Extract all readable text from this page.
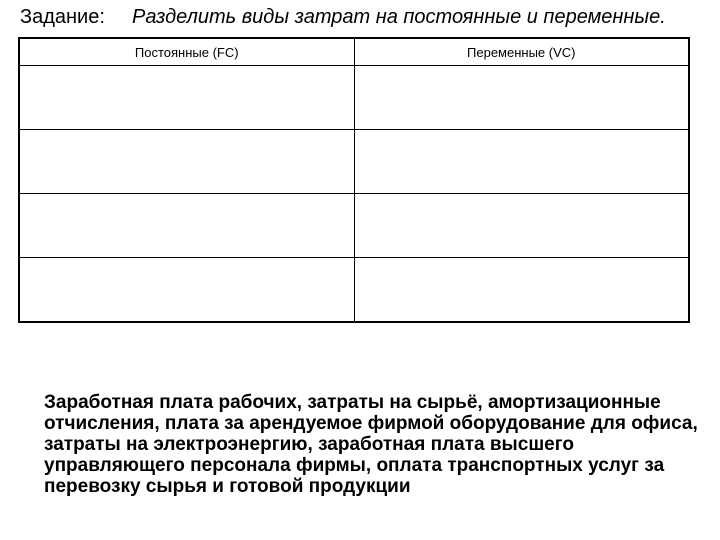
Задание: Разделить виды затрат на постоянные и переменные.
Постоянные (FC)	Переменные (VC)

Заработная плата рабочих, затраты на сырьё, амортизационные отчисления, плата за арендуемое фирмой оборудование для офиса, затраты на электроэнергию, заработная плата высшего управляющего персонала фирмы, оплата транспортных услуг за перевозку сырья и готовой продукции
